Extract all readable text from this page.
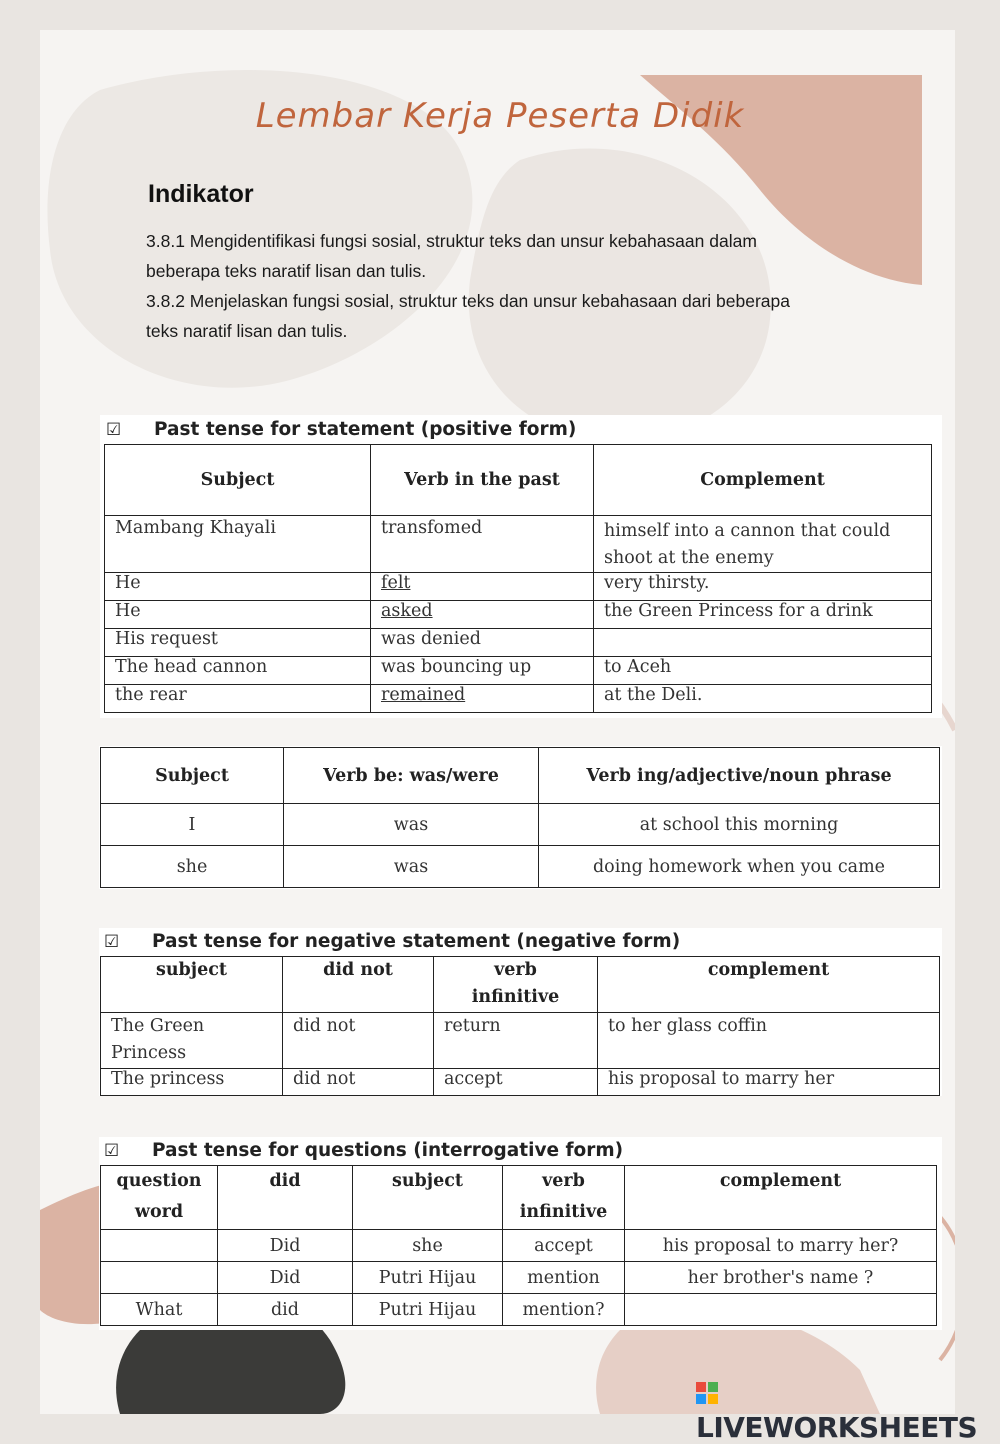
Lembar Kerja Peserta Didik
Indikator

3.8.1 Mengidentifikasi fungsi sosial, struktur teks dan unsur kebahasaan dalam beberapa teks naratif lisan dan tulis.

3.8.2 Menjelaskan fungsi sosial, struktur teks dan unsur kebahasaan dari beberapa teks naratif lisan dan tulis.

☑ Past tense for statement (positive form)
Subject	Verb in the past	Complement
Mambang Khayali	transfomed	himself into a cannon that could shoot at the enemy
He	felt	very thirsty.
He	asked	the Green Princess for a drink
His request	was denied	
The head cannon	was bouncing up	to Aceh
the rear	remained	at the Deli.
Subject	Verb be: was/were	Verb ing/adjective/noun phrase
I	was	at school this morning
she	was	doing homework when you came
☑ Past tense for negative statement (negative form)
subject	did not	verb infinitive	complement
The Green Princess	did not	return	to her glass coffin
The princess	did not	accept	his proposal to marry her
☑ Past tense for questions (interrogative form)
question word	did	subject	verb infinitive	complement
	Did	she	accept	his proposal to marry her?
	Did	Putri Hijau	mention	her brother's name ?
What	did	Putri Hijau	mention?	
LIVEWORKSHEETS
